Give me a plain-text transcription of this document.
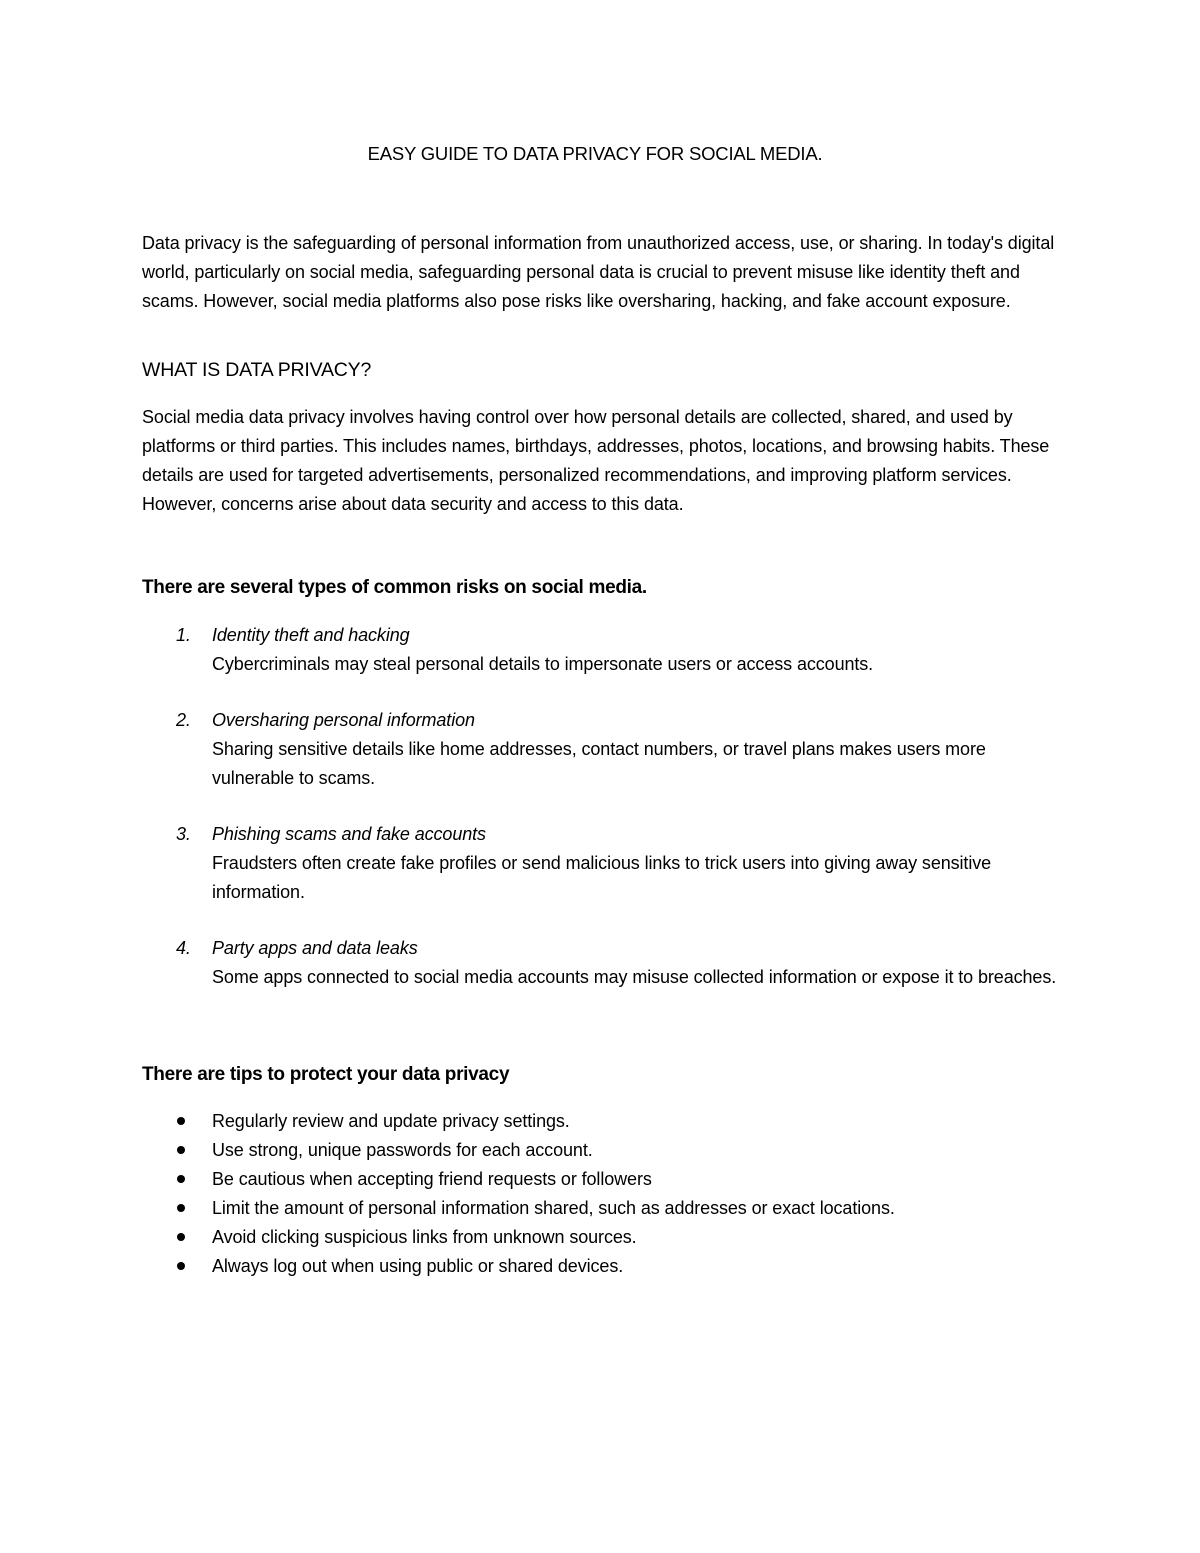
EASY GUIDE TO DATA PRIVACY FOR SOCIAL MEDIA.

Data privacy is the safeguarding of personal information from unauthorized access, use, or sharing. In today's digital world, particularly on social media, safeguarding personal data is crucial to prevent misuse like identity theft and scams. However, social media platforms also pose risks like oversharing, hacking, and fake account exposure.

WHAT IS DATA PRIVACY?

Social media data privacy involves having control over how personal details are collected, shared, and used by platforms or third parties. This includes names, birthdays, addresses, photos, locations, and browsing habits. These details are used for targeted advertisements, personalized recommendations, and improving platform services. However, concerns arise about data security and access to this data.

There are several types of common risks on social media.
1. Identity theft and hacking
Cybercriminals may steal personal details to impersonate users or access accounts.
2. Oversharing personal information
Sharing sensitive details like home addresses, contact numbers, or travel plans makes users more vulnerable to scams.
3. Phishing scams and fake accounts
Fraudsters often create fake profiles or send malicious links to trick users into giving away sensitive information.
4. Party apps and data leaks
Some apps connected to social media accounts may misuse collected information or expose it to breaches.
There are tips to protect your data privacy
Regularly review and update privacy settings.
Use strong, unique passwords for each account.
Be cautious when accepting friend requests or followers
Limit the amount of personal information shared, such as addresses or exact locations.
Avoid clicking suspicious links from unknown sources.
Always log out when using public or shared devices.
